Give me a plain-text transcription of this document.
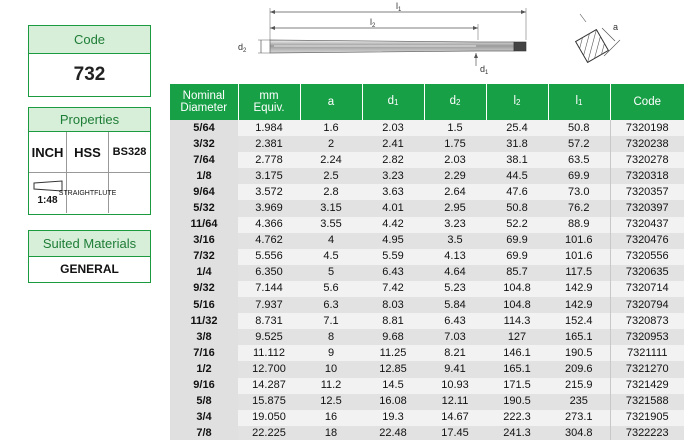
Code
732
Properties
INCH HSS	BS 328
1:48
STRAIGHT FLUTE
Suited Materials
GENERAL
$l_1$
$l_2$
$d_2$
$d_1$
a
Nominal
Diameter	mm
Equiv.	a	$d_1$	$d_2$	$l_2$	$l_1$	Code
5/64	1.984	1.6	2.03	1.5	25.4	50.8	7320198
3/32	2.381	2	2.41	1.75	31.8	57.2	7320238
7/64	2.778	2.24	2.82	2.03	38.1	63.5	7320278
1/8	3.175	2.5	3.23	2.29	44.5	69.9	7320318
9/64	3.572	2.8	3.63	2.64	47.6	73.0	7320357
5/32	3.969	3.15	4.01	2.95	50.8	76.2	7320397
11/64	4.366	3.55	4.42	3.23	52.2	88.9	7320437
3/16	4.762	4	4.95	3.5	69.9	101.6	7320476
7/32	5.556	4.5	5.59	4.13	69.9	101.6	7320556
1/4	6.350	5	6.43	4.64	85.7	117.5	7320635
9/32	7.144	5.6	7.42	5.23	104.8	142.9	7320714
5/16	7.937	6.3	8.03	5.84	104.8	142.9	7320794
11/32	8.731	7.1	8.81	6.43	114.3	152.4	7320873
3/8	9.525	8	9.68	7.03	127	165.1	7320953
7/16	11.112	9	11.25	8.21	146.1	190.5	7321111
1/2	12.700	10	12.85	9.41	165.1	209.6	7321270
9/16	14.287	11.2	14.5	10.93	171.5	215.9	7321429
5/8	15.875	12.5	16.08	12.11	190.5	235	7321588
3/4	19.050	16	19.3	14.67	222.3	273.1	7321905
7/8	22.225	18	22.48	17.45	241.3	304.8	7322223
